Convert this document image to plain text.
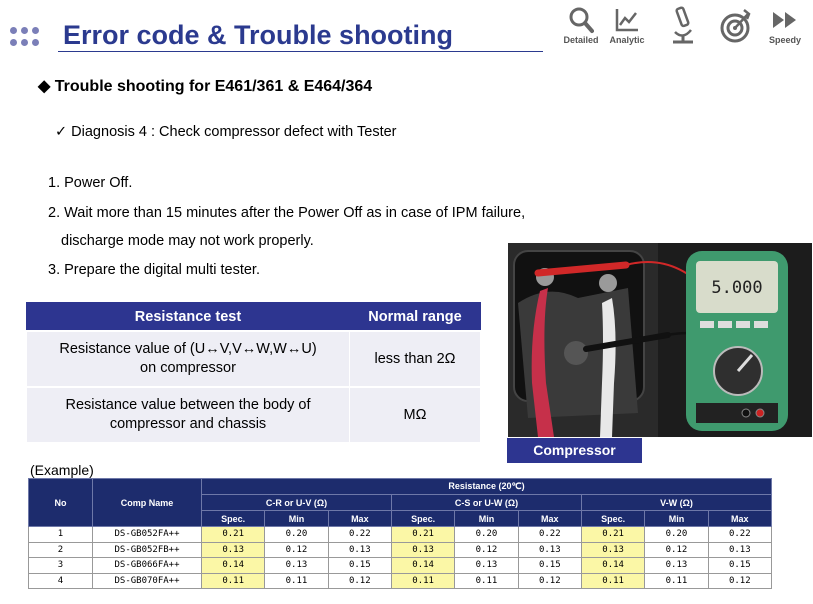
Error code & Trouble shooting	Detailed	Analytic	Speedy
◆ Trouble shooting for E461/361 & E464/364
✓ Diagnosis 4 : Check compressor defect with Tester
1. Power Off.
2. Wait more than 15 minutes after the Power Off as in case of IPM failure,
discharge mode may not work properly.
3. Prepare the digital multi tester.
Resistance test	Normal range

Resistance value of (U↔V,V↔W,W↔U)
on compressor	less than 2Ω

Resistance value between the body of
compressor and chassis	MΩ
5.000
Compressor
(Example)
No	Comp Name	Resistance (20℃)								
		C-R or U-V (Ω)			C-S or U-W (Ω)			V-W (Ω)		
		Spec.	Min	Max	Spec.	Min	Max	Spec.	Min	Max
1	DS-GB052FA++	0.21	0.20	0.22	0.21	0.20	0.22	0.21	0.20	0.22
2	DS-GB052FB++	0.13	0.12	0.13	0.13	0.12	0.13	0.13	0.12	0.13
3	DS-GB066FA++	0.14	0.13	0.15	0.14	0.13	0.15	0.14	0.13	0.15
4	DS-GB070FA++	0.11	0.11	0.12	0.11	0.11	0.12	0.11	0.11	0.12
